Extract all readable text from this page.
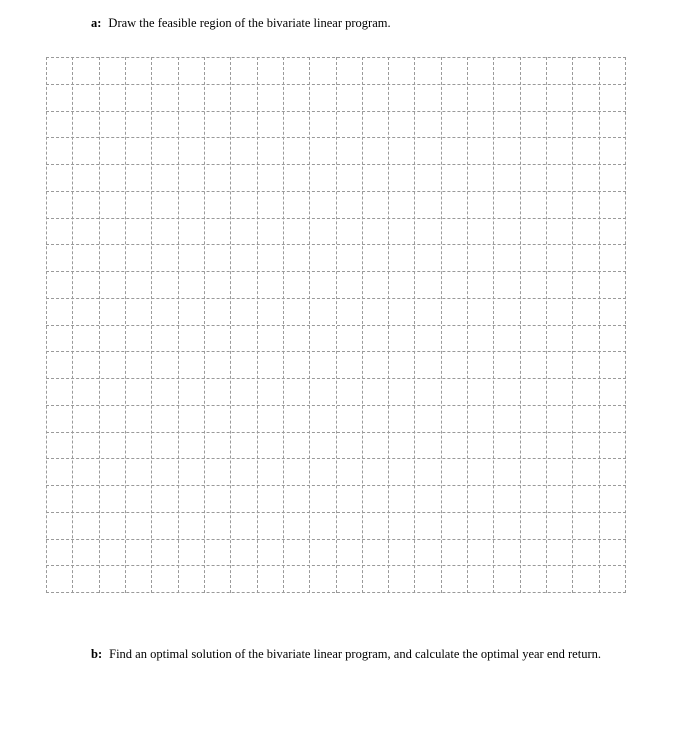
a: Draw the feasible region of the bivariate linear program.
b: Find an optimal solution of the bivariate linear program, and calculate the optimal year end return.
